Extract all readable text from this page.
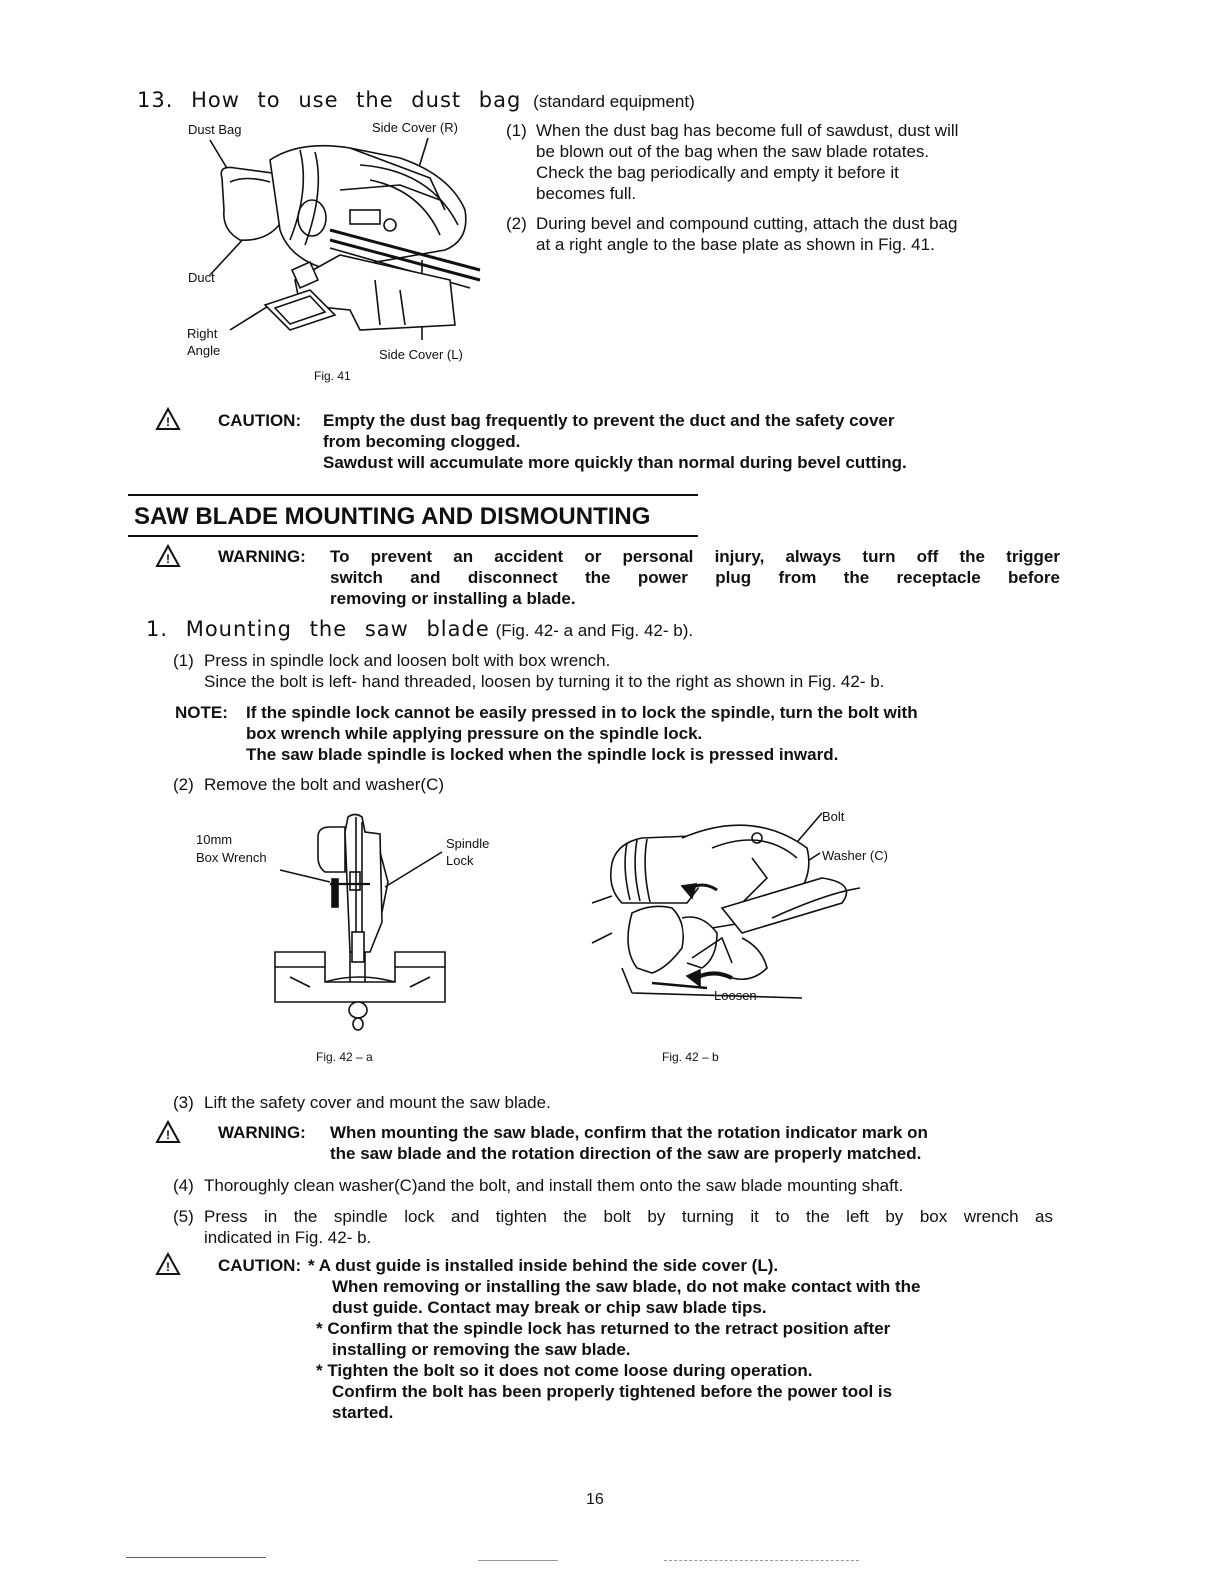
13. How to use the dust bag (standard equipment)
Dust Bag	Side Cover (R)
Duct
Right
Angle	Side Cover (L)
Fig. 41
(1) When the dust bag has become full of sawdust, dust will
be blown out of the bag when the saw blade rotates.
Check the bag periodically and empty it before it
becomes full.
(2) During bevel and compound cutting, attach the dust bag
at a right angle to the base plate as shown in Fig. 41.
!	CAUTION: Empty the dust bag frequently to prevent the duct and the safety cover
from becoming clogged.
Sawdust will accumulate more quickly than normal during bevel cutting.
SAW BLADE MOUNTING AND DISMOUNTING
!	WARNING: To prevent an accident or personal injury, always turn off the trigger
switch and disconnect the power plug from the receptacle before
removing or installing a blade.
1. Mounting the saw blade (Fig. 42- a and Fig. 42- b).
(1) Press in spindle lock and loosen bolt with box wrench.
Since the bolt is left- hand threaded, loosen by turning it to the right as shown in Fig. 42- b.
NOTE: If the spindle lock cannot be easily pressed in to lock the spindle, turn the bolt with
box wrench while applying pressure on the spindle lock.
The saw blade spindle is locked when the spindle lock is pressed inward.
(2) Remove the bolt and washer(C)
10mm
Box Wrench
Spindle
Lock
Fig. 42 – a
Bolt
Washer (C)
Loosen
Fig. 42 – b
(3) Lift the safety cover and mount the saw blade.
!	WARNING: When mounting the saw blade, confirm that the rotation indicator mark on
the saw blade and the rotation direction of the saw are properly matched.
(4) Thoroughly clean washer(C)and the bolt, and install them onto the saw blade mounting shaft.
(5) Press in the spindle lock and tighten the bolt by turning it to the left by box wrench as
indicated in Fig. 42- b.
!	CAUTION: * A dust guide is installed inside behind the side cover (L).
When removing or installing the saw blade, do not make contact with the
dust guide. Contact may break or chip saw blade tips.
* Confirm that the spindle lock has returned to the retract position after
installing or removing the saw blade.
* Tighten the bolt so it does not come loose during operation.
Confirm the bolt has been properly tightened before the power tool is
started.
16
